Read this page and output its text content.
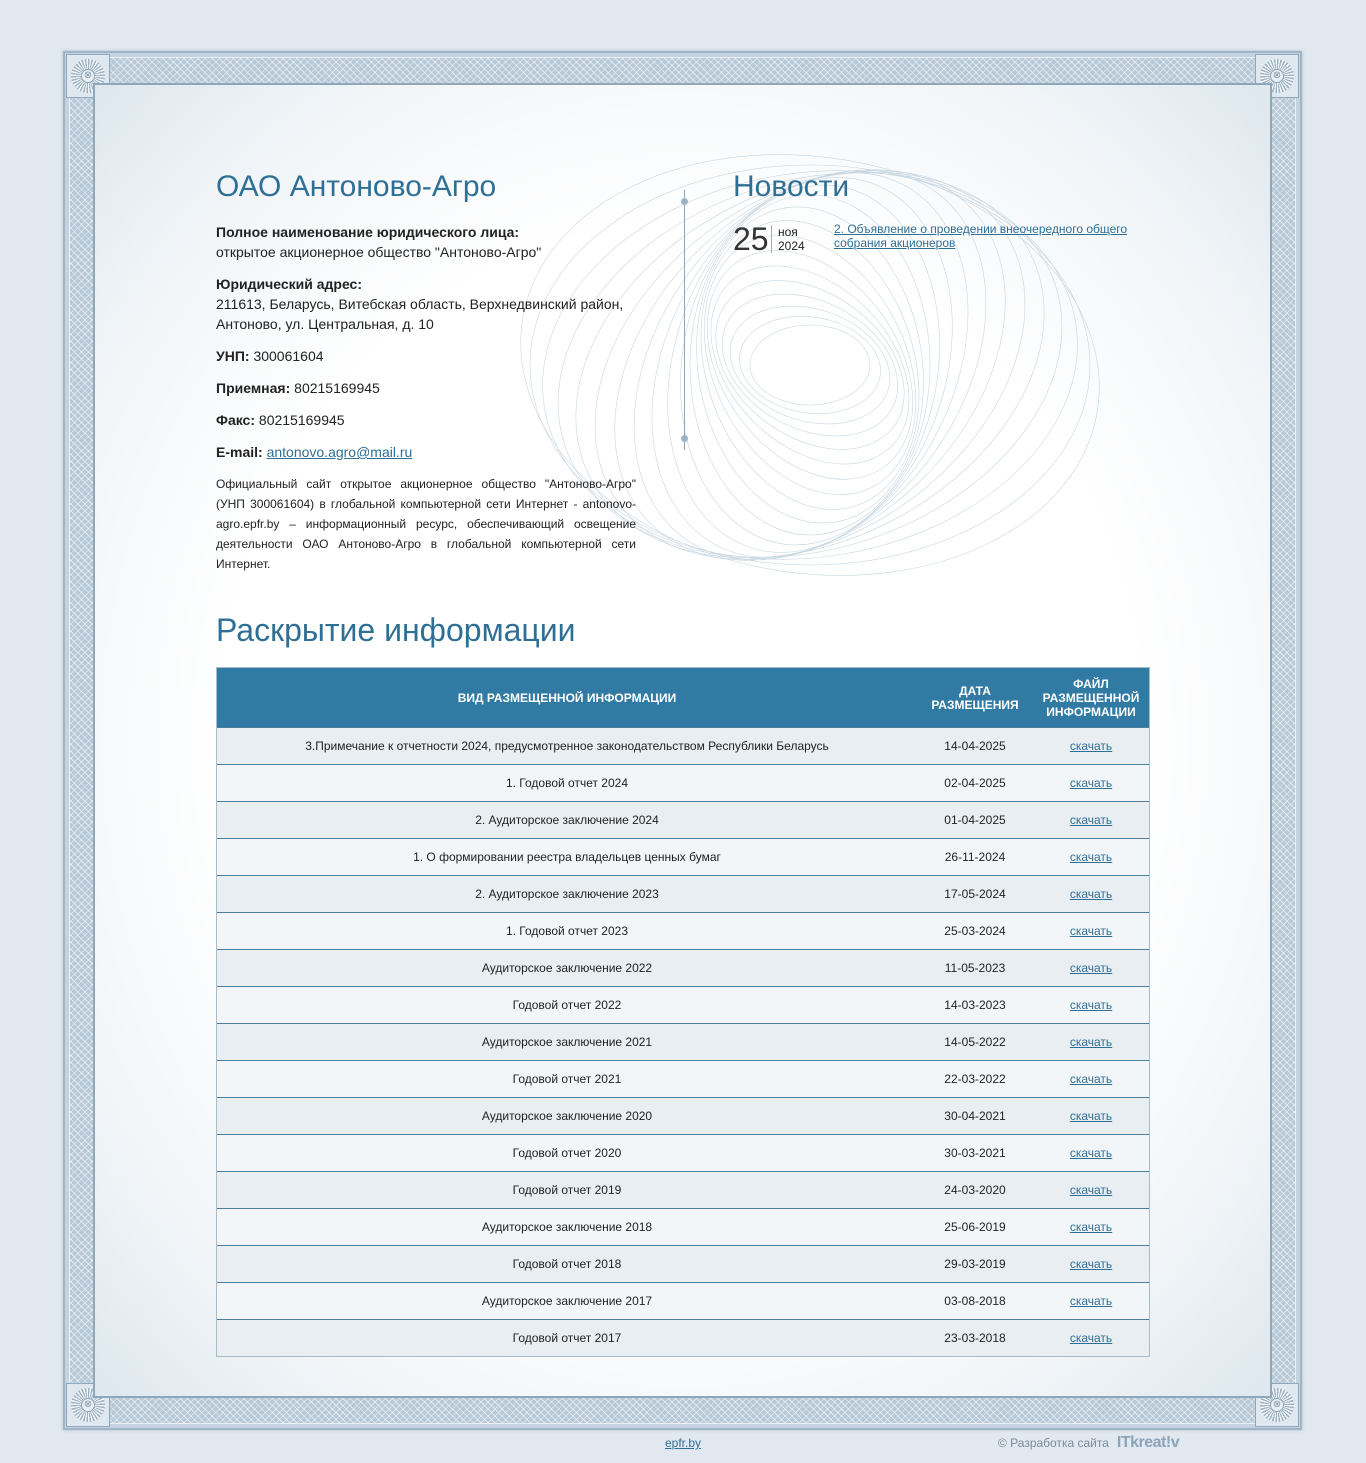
⊗	⊗
⊗	⊗
ОАО Антоново-Агро
Полное наименование юридического лица:
открытое акционерное общество "Антоново-Агро"
Юридический адрес:
211613, Беларусь, Витебская область, Верхнедвинский район, Антоново, ул. Центральная, д. 10
УНП: 300061604
Приемная: 80215169945
Факс: 80215169945
E-mail: antonovo.agro@mail.ru
Официальный сайт открытое акционерное общество "Антоново-Агро" (УНП 300061604) в глобальной компьютерной сети Интернет - antonovo-agro.epfr.by – информационный ресурс, обеспечивающий освещение деятельности ОАО Антоново-Агро в глобальной компьютерной сети Интернет.
Новости
25 ноя
2024
2. Объявление о проведении внеочередного общего собрания акционеров
Раскрытие информации
ВИД РАЗМЕЩЕННОЙ ИНФОРМАЦИИ	ДАТА РАЗМЕЩЕНИЯ	ФАЙЛ РАЗМЕЩЕННОЙ ИНФОРМАЦИИ
3.Примечание к отчетности 2024, предусмотренное законодательством Республики Беларусь	14-04-2025	скачать
1. Годовой отчет 2024	02-04-2025	скачать
2. Аудиторское заключение 2024	01-04-2025	скачать
1. О формировании реестра владельцев ценных бумаг	26-11-2024	скачать
2. Аудиторское заключение 2023	17-05-2024	скачать
1. Годовой отчет 2023	25-03-2024	скачать
Аудиторское заключение 2022	11-05-2023	скачать
Годовой отчет 2022	14-03-2023	скачать
Аудиторское заключение 2021	14-05-2022	скачать
Годовой отчет 2021	22-03-2022	скачать
Аудиторское заключение 2020	30-04-2021	скачать
Годовой отчет 2020	30-03-2021	скачать
Годовой отчет 2019	24-03-2020	скачать
Аудиторское заключение 2018	25-06-2019	скачать
Годовой отчет 2018	29-03-2019	скачать
Аудиторское заключение 2017	03-08-2018	скачать
Годовой отчет 2017	23-03-2018	скачать
epfr.by	© Разработка сайта ITkreat!v
